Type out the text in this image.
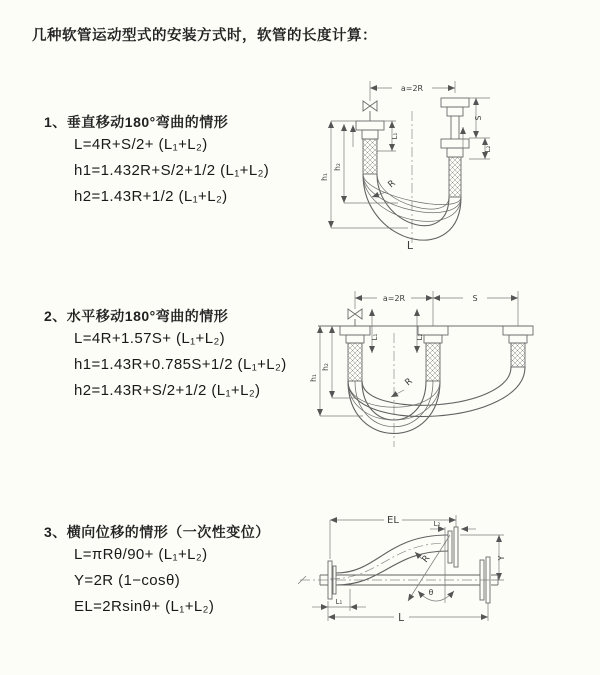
几种软管运动型式的安装方式时，软管的长度计算：
1、垂直移动180°弯曲的情形
L=4R+S/2+ (L₁+L₂)
h1=1.432R+S/2+1/2 (L₁+L₂)
h2=1.43R+1/2 (L₁+L₂)
2、水平移动180°弯曲的情形
L=4R+1.57S+ (L₁+L₂)
h1=1.43R+0.785S+1/2 (L₁+L₂)
h2=1.43R+S/2+1/2 (L₁+L₂)
3、横向位移的情形（一次性变位）
L=πRθ/90+ (L₁+L₂)
Y=2R (1−cosθ)
EL=2Rsinθ+ (L₁+L₂)
a=2R
h₁
h₂
L₁
S
L₂
R
L
a=2R	S
h₁
h₂
L₁	L₂
R
EL	L₂
Y
L₁
L
θ
R
